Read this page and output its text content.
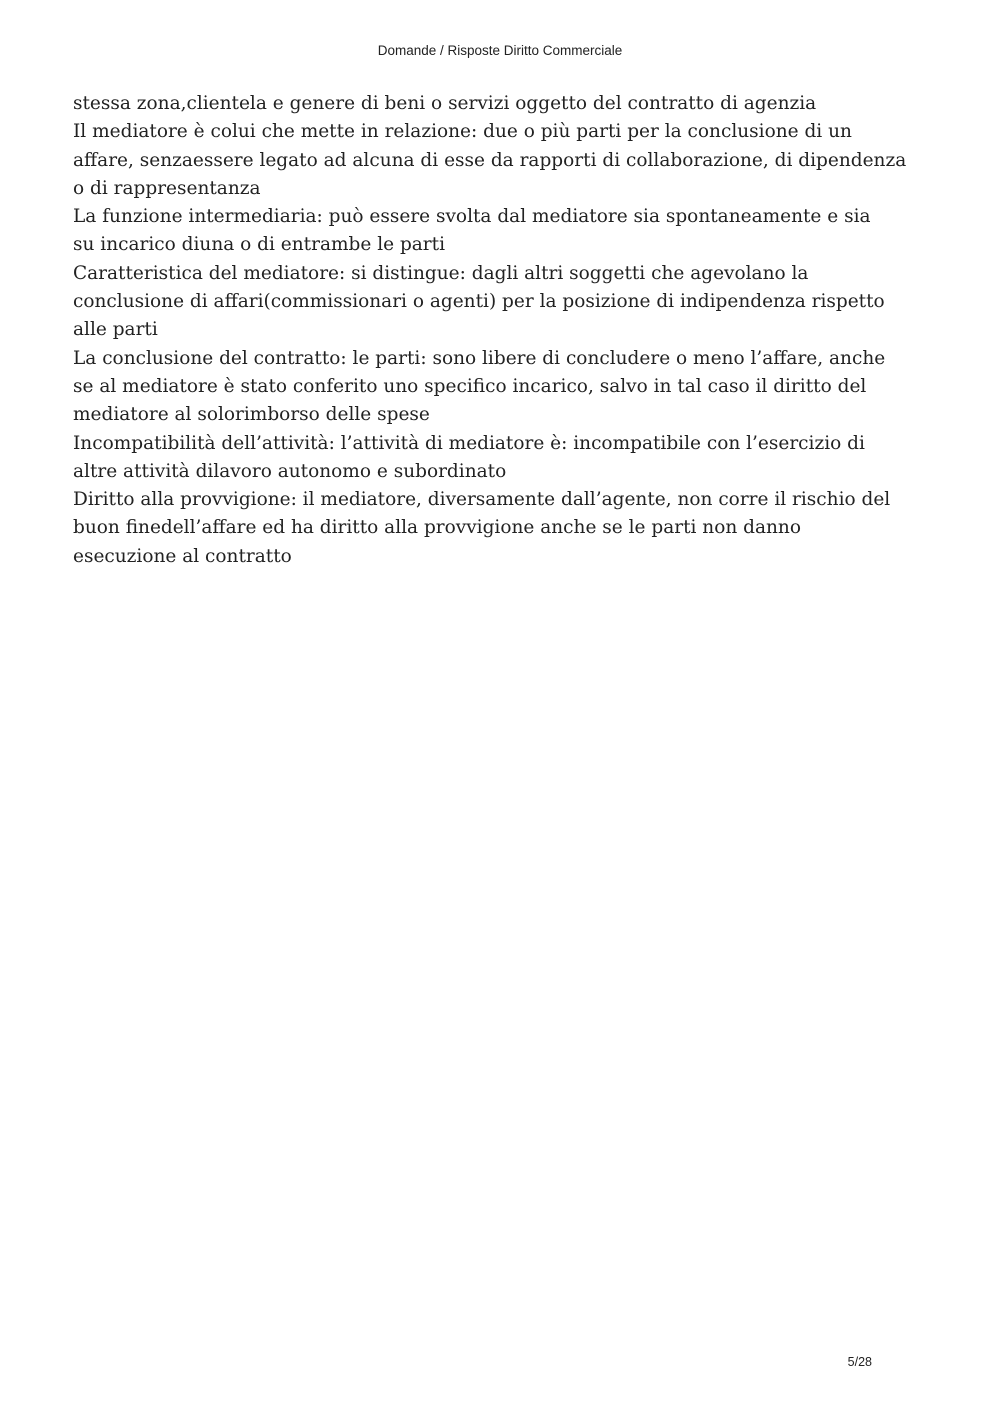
Domande / Risposte Diritto Commerciale

stessa zona,clientela e genere di beni o servizi oggetto del contratto di agenzia

Il mediatore è colui che mette in relazione: due o più parti per la conclusione di un
affare, senzaessere legato ad alcuna di esse da rapporti di collaborazione, di dipendenza
o di rappresentanza

La funzione intermediaria: può essere svolta dal mediatore sia spontaneamente e sia
su incarico diuna o di entrambe le parti

Caratteristica del mediatore: si distingue: dagli altri soggetti che agevolano la
conclusione di affari(commissionari o agenti) per la posizione di indipendenza rispetto
alle parti

La conclusione del contratto: le parti: sono libere di concludere o meno l’affare, anche
se al mediatore è stato conferito uno specifico incarico, salvo in tal caso il diritto del
mediatore al solorimborso delle spese

Incompatibilità dell’attività: l’attività di mediatore è: incompatibile con l’esercizio di
altre attività dilavoro autonomo e subordinato

Diritto alla provvigione: il mediatore, diversamente dall’agente, non corre il rischio del
buon finedell’affare ed ha diritto alla provvigione anche se le parti non danno
esecuzione al contratto

5/28
